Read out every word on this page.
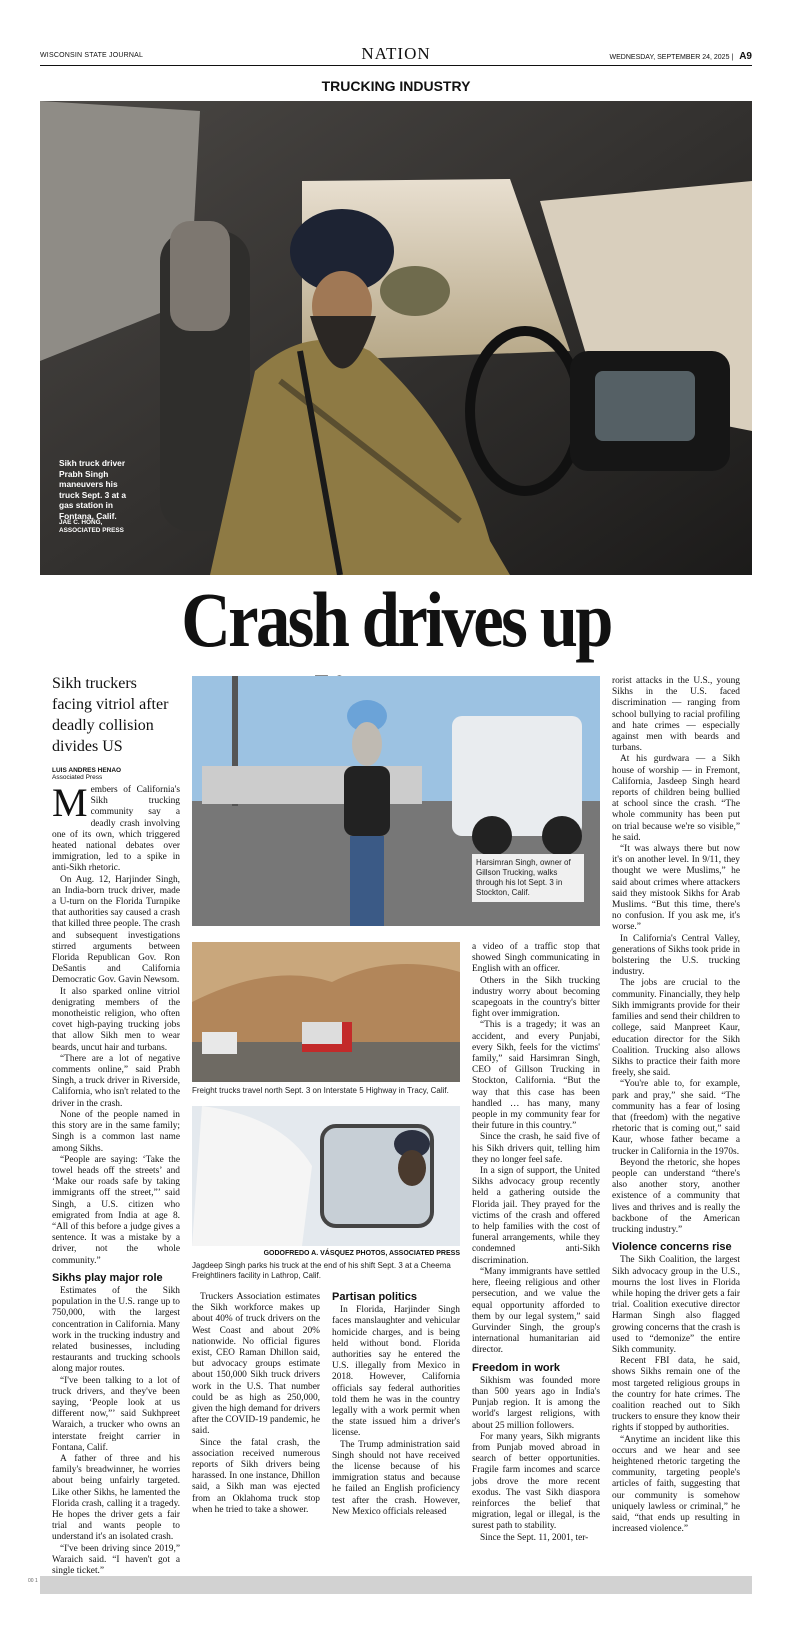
WISCONSIN STATE JOURNAL	NATION	WEDNESDAY, SEPTEMBER 24, 2025 | A9
TRUCKING INDUSTRY
Sikh truck driver Prabh Singh maneuvers his truck Sept. 3 at a gas station in Fontana, Calif.
JAE C. HONG, ASSOCIATED PRESS
Crash drives up
Sikh truckers facing vitriol after deadly collision divides US
LUIS ANDRES HENAO
Associated Press

Members of California's Sikh trucking community say a deadly crash involving one of its own, which triggered heated national debates over immigration, led to a spike in anti-Sikh rhetoric.

On Aug. 12, Harjinder Singh, an India-born truck driver, made a U-turn on the Florida Turnpike that authorities say caused a crash that killed three people. The crash and subsequent investigations stirred arguments between Florida Republican Gov. Ron DeSantis and California Democratic Gov. Gavin Newsom.

It also sparked online vitriol denigrating members of the monotheistic religion, who often covet high-paying trucking jobs that allow Sikh men to wear beards, uncut hair and turbans.

“There are a lot of negative comments online,” said Prabh Singh, a truck driver in Riverside, California, who isn't related to the driver in the crash.

None of the people named in this story are in the same family; Singh is a common last name among Sikhs.

“People are saying: ‘Take the towel heads off the streets’ and ‘Make our roads safe by taking immigrants off the street,”’ said Singh, a U.S. citizen who emigrated from India at age 8. “All of this before a judge gives a sentence. It was a mistake by a driver, not the whole community.”

Sikhs play major role

Estimates of the Sikh population in the U.S. range up to 750,000, with the largest concentration in California. Many work in the trucking industry and related businesses, including restaurants and trucking schools along major routes.

“I've been talking to a lot of truck drivers, and they've been saying, ‘People look at us different now,”’ said Sukhpreet Waraich, a trucker who owns an interstate freight carrier in Fontana, Calif.

A father of three and his family's breadwinner, he worries about being unfairly targeted. Like other Sikhs, he lamented the Florida crash, calling it a tragedy. He hopes the driver gets a fair trial and wants people to understand it's an isolated crash.

“I've been driving since 2019,” Waraich said. “I haven't got a single ticket.”

Harsimran Singh, owner of Gillson Trucking, walks through his lot Sept. 3 in Stockton, Calif.
Freight trucks travel north Sept. 3 on Interstate 5 Highway in Tracy, Calif.
GODOFREDO A. VÁSQUEZ PHOTOS, ASSOCIATED PRESS
Jagdeep Singh parks his truck at the end of his shift Sept. 3 at a Cheema Freightliners facility in Lathrop, Calif.

Truckers Association estimates the Sikh workforce makes up about 40% of truck drivers on the West Coast and about 20% nationwide. No official figures exist, CEO Raman Dhillon said, but advocacy groups estimate about 150,000 Sikh truck drivers work in the U.S. That number could be as high as 250,000, given the high demand for drivers after the COVID-19 pandemic, he said.

Since the fatal crash, the association received numerous reports of Sikh drivers being harassed. In one instance, Dhillon said, a Sikh man was ejected from an Oklahoma truck stop when he tried to take a shower.

Partisan politics

In Florida, Harjinder Singh faces manslaughter and vehicular homicide charges, and is being held without bond. Florida authorities say he entered the U.S. illegally from Mexico in 2018. However, California officials say federal authorities told them he was in the country legally with a work permit when the state issued him a driver's license.

The Trump administration said Singh should not have received the license because of his immigration status and because he failed an English proficiency test after the crash. However, New Mexico officials released

a video of a traffic stop that showed Singh communicating in English with an officer.

Others in the Sikh trucking industry worry about becoming scapegoats in the country's bitter fight over immigration.

“This is a tragedy; it was an accident, and every Punjabi, every Sikh, feels for the victims' family,” said Harsimran Singh, CEO of Gillson Trucking in Stockton, California. “But the way that this case has been handled … has many, many people in my community fear for their future in this country.”

Since the crash, he said five of his Sikh drivers quit, telling him they no longer feel safe.

In a sign of support, the United Sikhs advocacy group recently held a gathering outside the Florida jail. They prayed for the victims of the crash and offered to help families with the cost of funeral arrangements, while they condemned anti-Sikh discrimination.

“Many immigrants have settled here, fleeing religious and other persecution, and we value the equal opportunity afforded to them by our legal system,” said Gurvinder Singh, the group's international humanitarian aid director.

Freedom in work

Sikhism was founded more than 500 years ago in India's Punjab region. It is among the world's largest religions, with about 25 million followers.

For many years, Sikh migrants from Punjab moved abroad in search of better opportunities. Fragile farm incomes and scarce jobs drove the more recent exodus. The vast Sikh diaspora reinforces the belief that migration, legal or illegal, is the surest path to stability.

Since the Sept. 11, 2001, ter-

rorist attacks in the U.S., young Sikhs in the U.S. faced discrimination — ranging from school bullying to racial profiling and hate crimes — especially against men with beards and turbans.

At his gurdwara — a Sikh house of worship — in Fremont, California, Jasdeep Singh heard reports of children being bullied at school since the crash. “The whole community has been put on trial because we're so visible,” he said.

“It was always there but now it's on another level. In 9/11, they thought we were Muslims,” he said about crimes where attackers said they mistook Sikhs for Arab Muslims. “But this time, there's no confusion. If you ask me, it's worse.”

In California's Central Valley, generations of Sikhs took pride in bolstering the U.S. trucking industry.

The jobs are crucial to the community. Financially, they help Sikh immigrants provide for their families and send their children to college, said Manpreet Kaur, education director for the Sikh Coalition. Trucking also allows Sikhs to practice their faith more freely, she said.

“You're able to, for example, park and pray,” she said. “The community has a fear of losing that (freedom) with the negative rhetoric that is coming out,” said Kaur, whose father became a trucker in California in the 1970s.

Beyond the rhetoric, she hopes people can understand “there's also another story, another existence of a community that lives and thrives and is really the backbone of the American trucking industry.”

Violence concerns rise

The Sikh Coalition, the largest Sikh advocacy group in the U.S., mourns the lost lives in Florida while hoping the driver gets a fair trial. Coalition executive director Harman Singh also flagged growing concerns that the crash is used to “demonize” the entire Sikh community.

Recent FBI data, he said, shows Sikhs remain one of the most targeted religious groups in the country for hate crimes. The coalition reached out to Sikh truckers to ensure they know their rights if stopped by authorities.

“Anytime an incident like this occurs and we hear and see heightened rhetoric targeting the community, targeting people's articles of faith, suggesting that our community is somehow uniquely lawless or criminal,” he said, “that ends up resulting in increased violence.”

00 1
